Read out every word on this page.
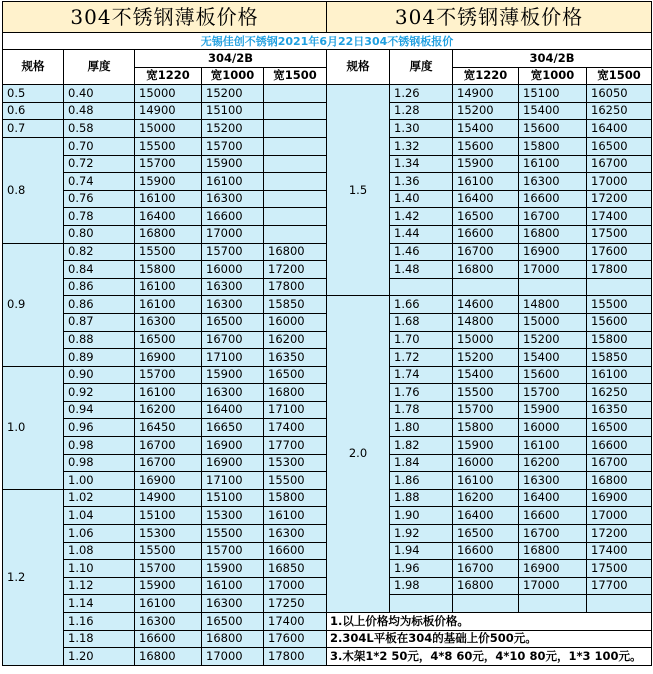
304不锈钢薄板价格					304不锈钢薄板价格				
无锡佳创不锈钢2021年6月22日304不锈钢板报价									
规格	厚度	304/2B			规格	厚度	304/2B		
		宽1220	宽1000	宽1500			宽1220	宽1000	宽1500
0.5	0.40	15000	15200		1.5	1.26	14900	15100	16050
0.6	0.48	14900	15100			1.28	15200	15400	16250
0.7	0.58	15000	15200			1.30	15400	15600	16400
0.8	0.70	15500	15700			1.32	15600	15800	16500
	0.72	15700	15900			1.34	15900	16100	16700
	0.74	15900	16100			1.36	16100	16300	17000
	0.76	16100	16300			1.40	16400	16600	17200
	0.78	16400	16600			1.42	16500	16700	17400
	0.80	16800	17000			1.44	16600	16800	17500
0.9	0.82	15500	15700	16800		1.46	16700	16900	17600
	0.84	15800	16000	17200		1.48	16800	17000	17800
	0.86	16100	16300	17800					
	0.86	16100	16300	15850	2.0	1.66	14600	14800	15500
	0.87	16300	16500	16000		1.68	14800	15000	15600
	0.88	16500	16700	16200		1.70	15000	15200	15800
	0.89	16900	17100	16350		1.72	15200	15400	15850
1.0	0.90	15700	15900	16500		1.74	15400	15600	16100
	0.92	16100	16300	16800		1.76	15500	15700	16250
	0.94	16200	16400	17100		1.78	15700	15900	16350
	0.96	16450	16650	17400		1.80	15800	16000	16500
	0.98	16700	16900	17700		1.82	15900	16100	16600
	0.98	16700	16900	15300		1.84	16000	16200	16700
	1.00	16900	17100	15500		1.86	16100	16300	16800
1.2	1.02	14900	15100	15800		1.88	16200	16400	16900
	1.04	15100	15300	16100		1.90	16400	16600	17000
	1.06	15300	15500	16300		1.92	16500	16700	17200
	1.08	15500	15700	16600		1.94	16600	16800	17400
	1.10	15700	15900	16850		1.96	16700	16900	17500
	1.12	15900	16100	17000		1.98	16800	17000	17700
	1.14	16100	16300	17250					
	1.16	16300	16500	17400	1.以上价格均为标板价格。				
	1.18	16600	16800	17600	2.304L平板在304的基础上价500元。				
	1.20	16800	17000	17800	3.木架1*2 50元，4*8 60元，4*10 80元，1*3 100元。				
